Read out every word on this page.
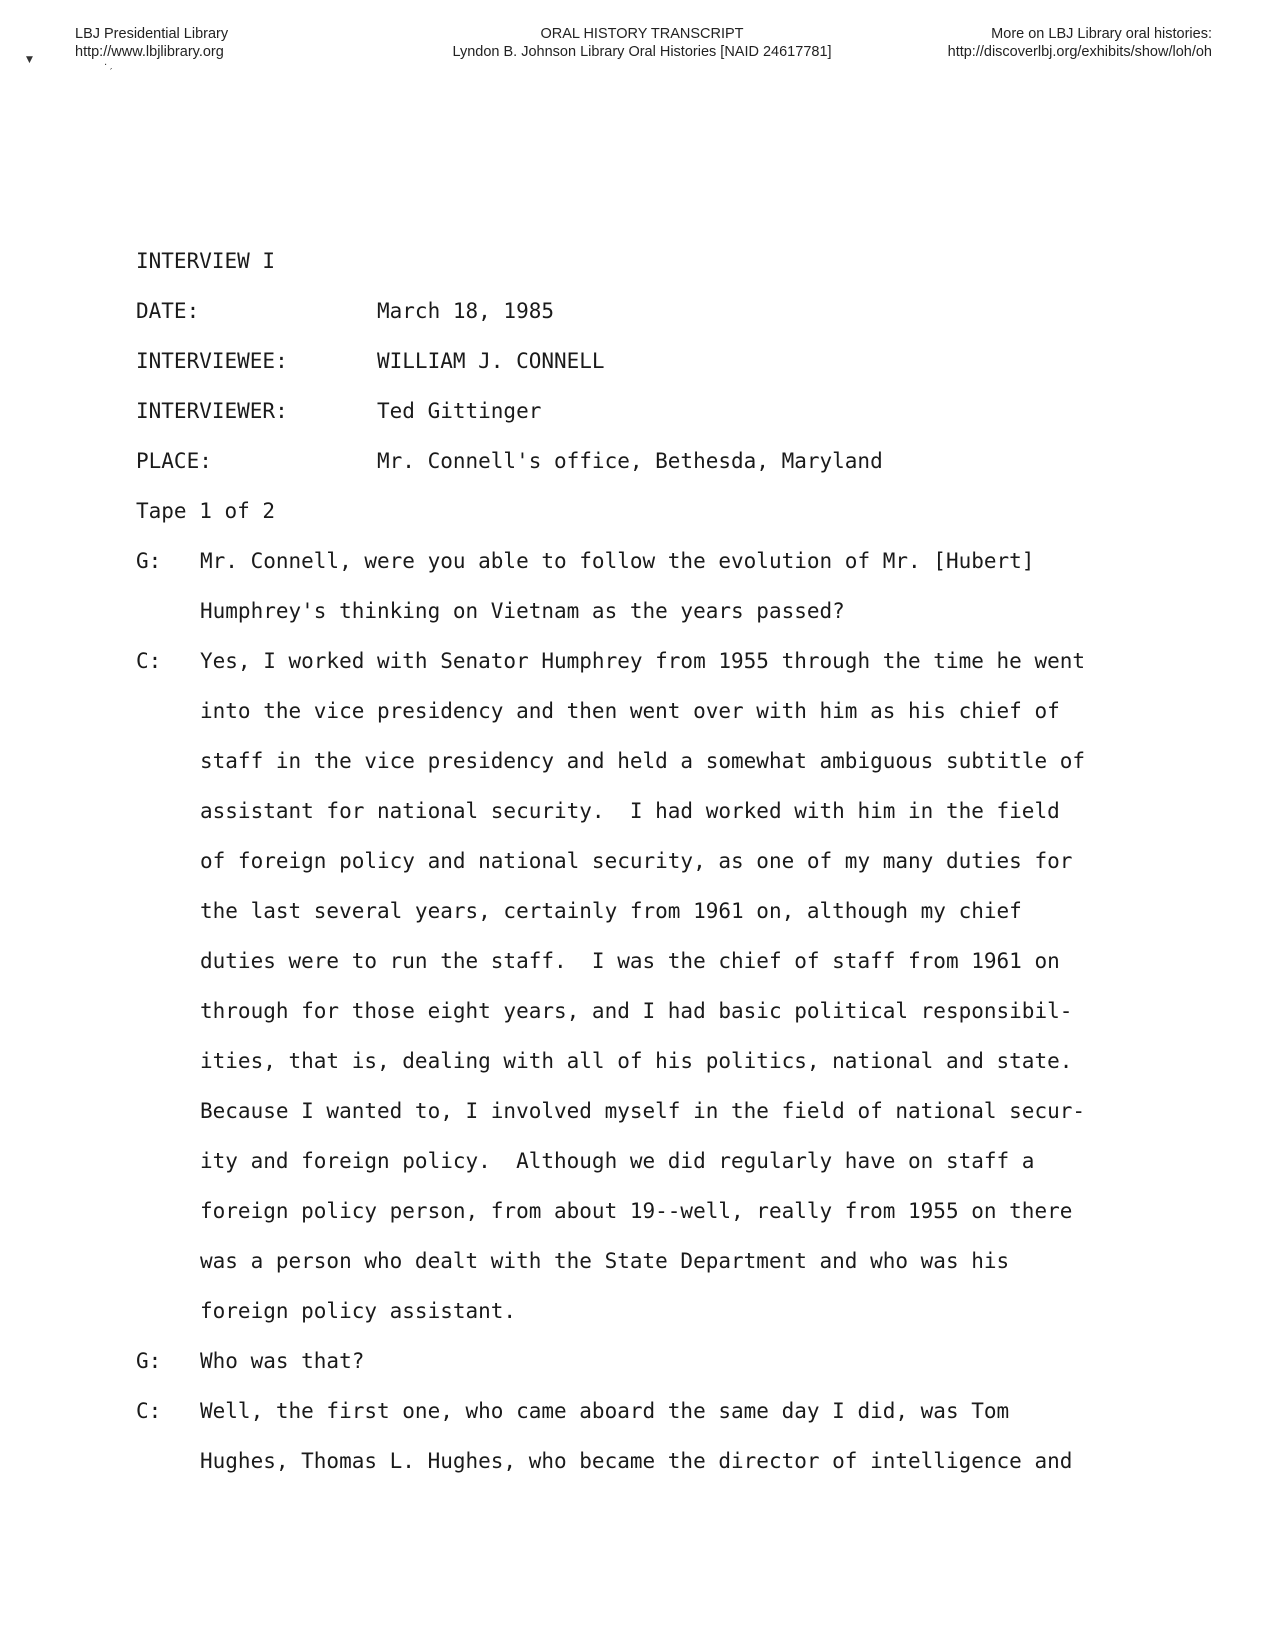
LBJ Presidential Library
http://www.lbjlibrary.org
ORAL HISTORY TRANSCRIPT
Lyndon B. Johnson Library Oral Histories [NAID 24617781]
More on LBJ Library oral histories:
http://discoverlbj.org/exhibits/show/loh/oh
▼	·
′
INTERVIEW I
DATE:	March 18, 1985
INTERVIEWEE:	WILLIAM J. CONNELL
INTERVIEWER:	Ted Gittinger
PLACE:	Mr. Connell's office, Bethesda, Maryland
Tape 1 of 2
G: Mr. Connell, were you able to follow the evolution of Mr. [Hubert]
Humphrey's thinking on Vietnam as the years passed?
C: Yes, I worked with Senator Humphrey from 1955 through the time he went
into the vice presidency and then went over with him as his chief of
staff in the vice presidency and held a somewhat ambiguous subtitle of
assistant for national security.  I had worked with him in the field
of foreign policy and national security, as one of my many duties for
the last several years, certainly from 1961 on, although my chief
duties were to run the staff.  I was the chief of staff from 1961 on
through for those eight years, and I had basic political responsibil-
ities, that is, dealing with all of his politics, national and state.
Because I wanted to, I involved myself in the field of national secur-
ity and foreign policy.  Although we did regularly have on staff a
foreign policy person, from about 19--well, really from 1955 on there
was a person who dealt with the State Department and who was his
foreign policy assistant.
G: Who was that?
C: Well, the first one, who came aboard the same day I did, was Tom
Hughes, Thomas L. Hughes, who became the director of intelligence and
